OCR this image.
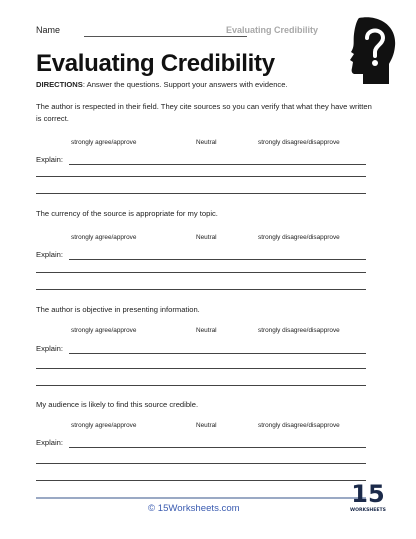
Name	Evaluating Credibility
Evaluating Credibility
DIRECTIONS: Answer the questions. Support your answers with evidence.
The author is respected in their field. They cite sources so you can verify that what they have written is correct.
strongly agree/approve	Neutral	strongly disagree/disapprove
Explain:
The currency of the source is appropriate for my topic.
strongly agree/approve	Neutral	strongly disagree/disapprove
Explain:
The author is objective in presenting information.
strongly agree/approve	Neutral	strongly disagree/disapprove
Explain:
My audience is likely to find this source credible.
strongly agree/approve	Neutral	strongly disagree/disapprove
Explain:
© 15Worksheets.com
15
WORKSHEETS
